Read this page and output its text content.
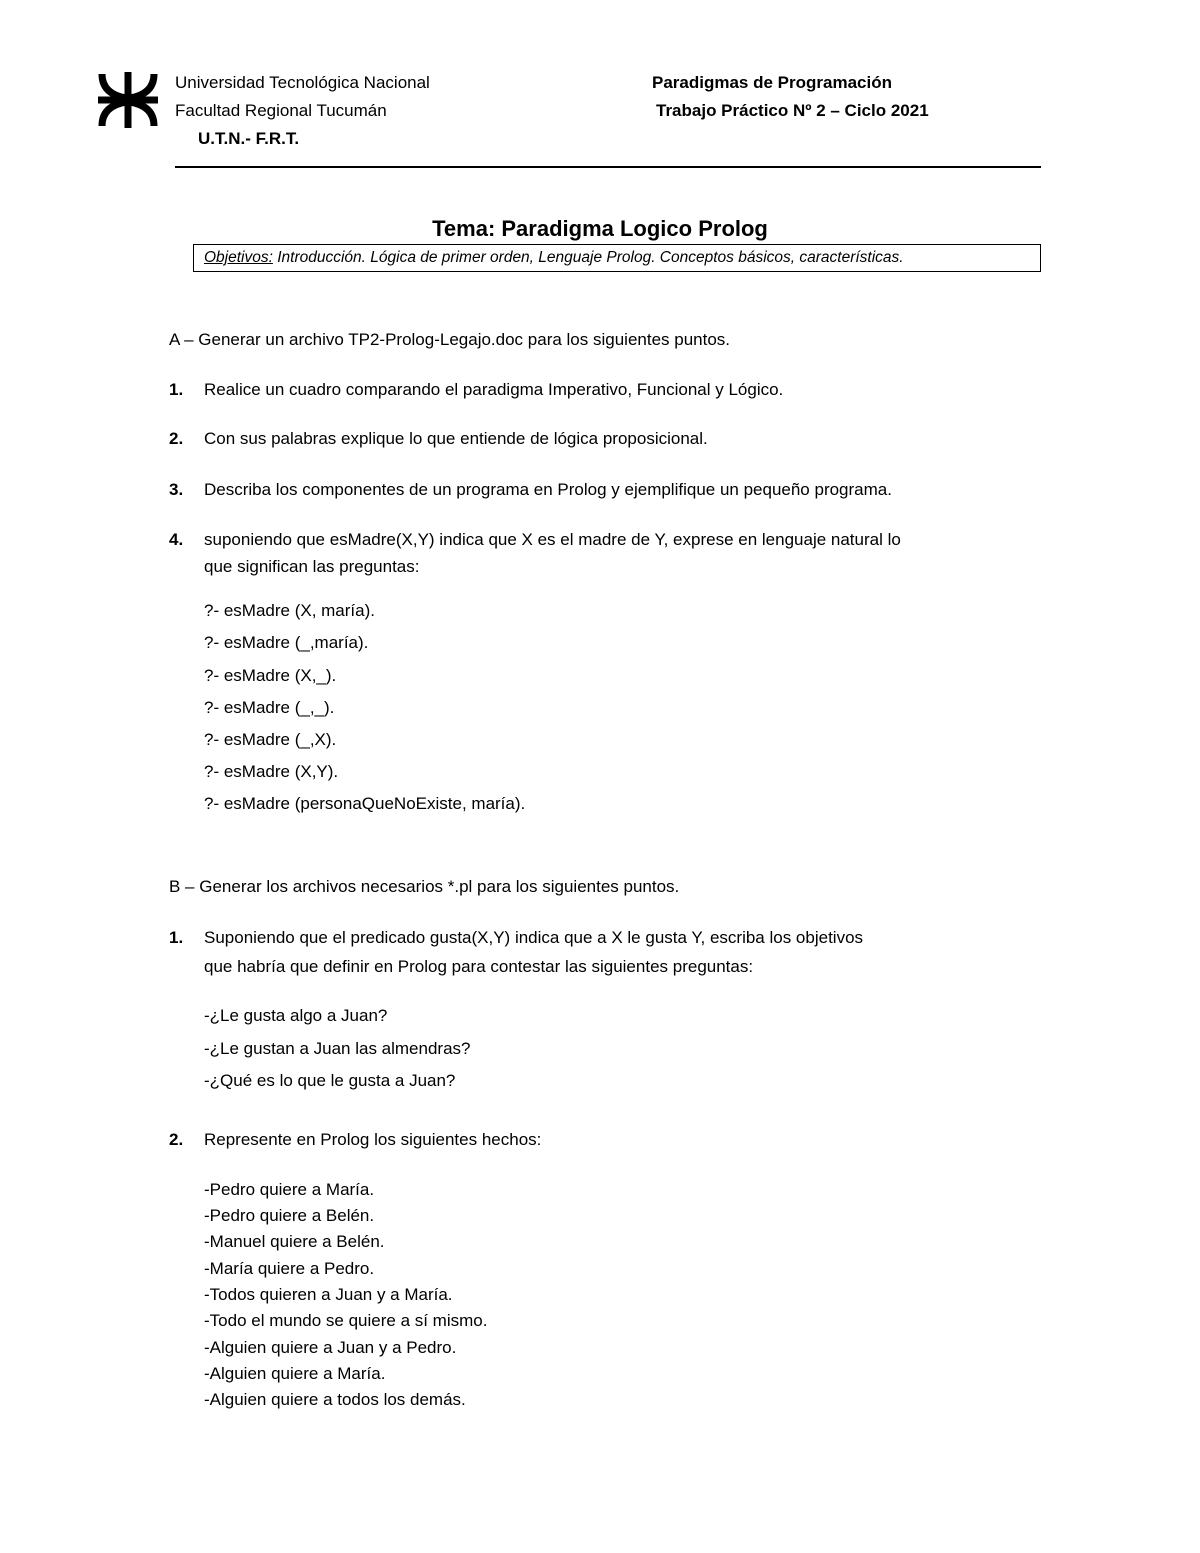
Universidad Tecnológica Nacional
Facultad Regional Tucumán
U.T.N.- F.R.T.
Paradigmas de Programación
Trabajo Práctico Nº 2 – Ciclo 2021
Tema: Paradigma Logico Prolog
Objetivos: Introducción. Lógica de primer orden, Lenguaje Prolog. Conceptos básicos, características.
A – Generar un archivo TP2-Prolog-Legajo.doc para los siguientes puntos.
1. Realice un cuadro comparando el paradigma Imperativo, Funcional y Lógico.
2. Con sus palabras explique lo que entiende de lógica proposicional.
3. Describa los componentes de un programa en Prolog y ejemplifique un pequeño programa.
4. suponiendo que esMadre(X,Y) indica que X es el madre de Y, exprese en lenguaje natural lo
que significan las preguntas:
?- esMadre (X, maría).
?- esMadre (_,maría).
?- esMadre (X,_).
?- esMadre (_,_).
?- esMadre (_,X).
?- esMadre (X,Y).
?- esMadre (personaQueNoExiste, maría).
B – Generar los archivos necesarios *.pl para los siguientes puntos.
1. Suponiendo que el predicado gusta(X,Y) indica que a X le gusta Y, escriba los objetivos
que habría que definir en Prolog para contestar las siguientes preguntas:
-¿Le gusta algo a Juan?
-¿Le gustan a Juan las almendras?
-¿Qué es lo que le gusta a Juan?
2. Represente en Prolog los siguientes hechos:
-Pedro quiere a María.
-Pedro quiere a Belén.
-Manuel quiere a Belén.
-María quiere a Pedro.
-Todos quieren a Juan y a María.
-Todo el mundo se quiere a sí mismo.
-Alguien quiere a Juan y a Pedro.
-Alguien quiere a María.
-Alguien quiere a todos los demás.
